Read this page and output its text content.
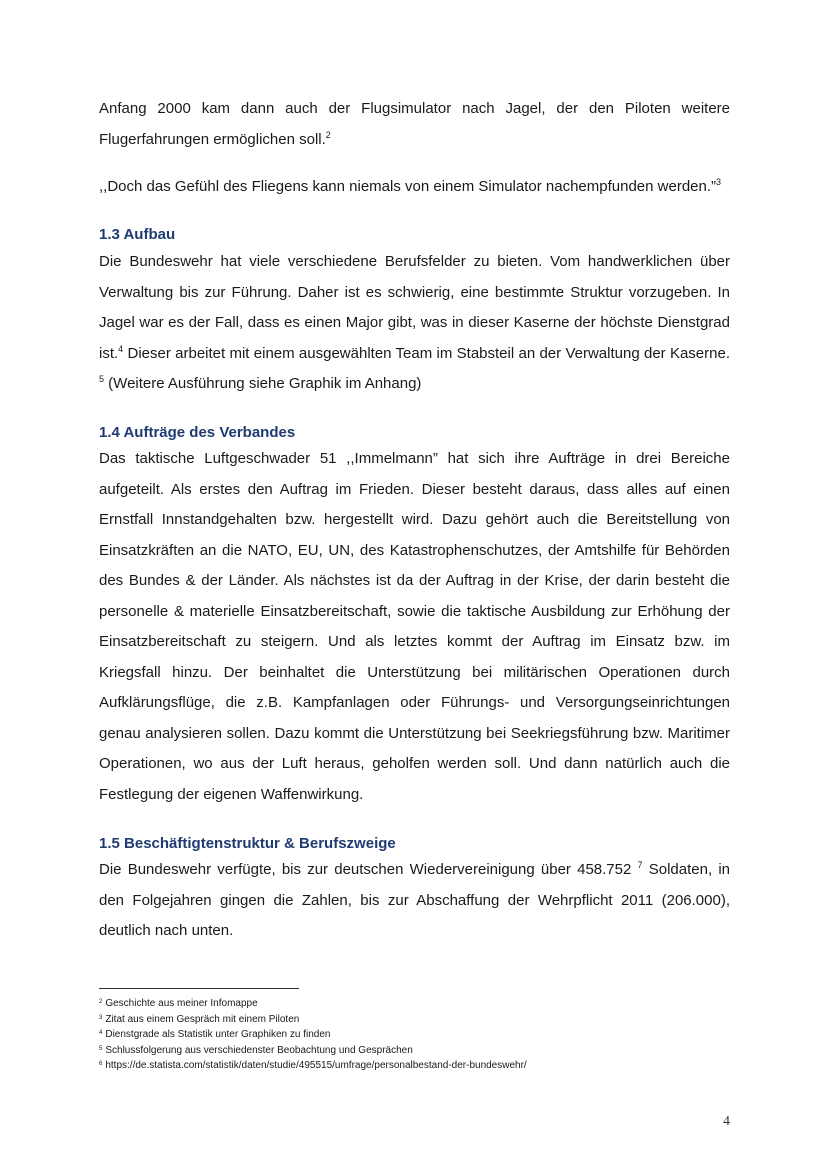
Anfang 2000 kam dann auch der Flugsimulator nach Jagel, der den Piloten weitere Flugerfahrungen ermöglichen soll.$^2$

,,Doch das Gefühl des Fliegens kann niemals von einem Simulator nachempfunden werden.”$^3$

1.3 Aufbau

Die Bundeswehr hat viele verschiedene Berufsfelder zu bieten. Vom handwerklichen über Verwaltung bis zur Führung. Daher ist es schwierig, eine bestimmte Struktur vorzugeben. In Jagel war es der Fall, dass es einen Major gibt, was in dieser Kaserne der höchste Dienstgrad ist.$^4$ Dieser arbeitet mit einem ausgewählten Team im Stabsteil an der Verwaltung der Kaserne. $^5$ (Weitere Ausführung siehe Graphik im Anhang)

1.4 Aufträge des Verbandes

Das taktische Luftgeschwader 51 ,,Immelmann” hat sich ihre Aufträge in drei Bereiche aufgeteilt. Als erstes den Auftrag im Frieden. Dieser besteht daraus, dass alles auf einen Ernstfall Innstandgehalten bzw. hergestellt wird. Dazu gehört auch die Bereitstellung von Einsatzkräften an die NATO, EU, UN, des Katastrophenschutzes, der Amtshilfe für Behörden des Bundes & der Länder. Als nächstes ist da der Auftrag in der Krise, der darin besteht die personelle & materielle Einsatzbereitschaft, sowie die taktische Ausbildung zur Erhöhung der Einsatzbereitschaft zu steigern. Und als letztes kommt der Auftrag im Einsatz bzw. im Kriegsfall hinzu. Der beinhaltet die Unterstützung bei militärischen Operationen durch Aufklärungsflüge, die z.B. Kampfanlagen oder Führungs- und Versorgungseinrichtungen genau analysieren sollen. Dazu kommt die Unterstützung bei Seekriegsführung bzw. Maritimer Operationen, wo aus der Luft heraus, geholfen werden soll. Und dann natürlich auch die Festlegung der eigenen Waffenwirkung.

1.5 Beschäftigtenstruktur & Berufszweige

Die Bundeswehr verfügte, bis zur deutschen Wiedervereinigung über 458.752 $^7$ Soldaten, in den Folgejahren gingen die Zahlen, bis zur Abschaffung der Wehrpflicht 2011 (206.000), deutlich nach unten.

$^2$ Geschichte aus meiner Infomappe
$^3$ Zitat aus einem Gespräch mit einem Piloten
$^4$ Dienstgrade als Statistik unter Graphiken zu finden
$^5$ Schlussfolgerung aus verschiedenster Beobachtung und Gesprächen
$^6$ https://de.statista.com/statistik/daten/studie/495515/umfrage/personalbestand-der-bundeswehr/
4
